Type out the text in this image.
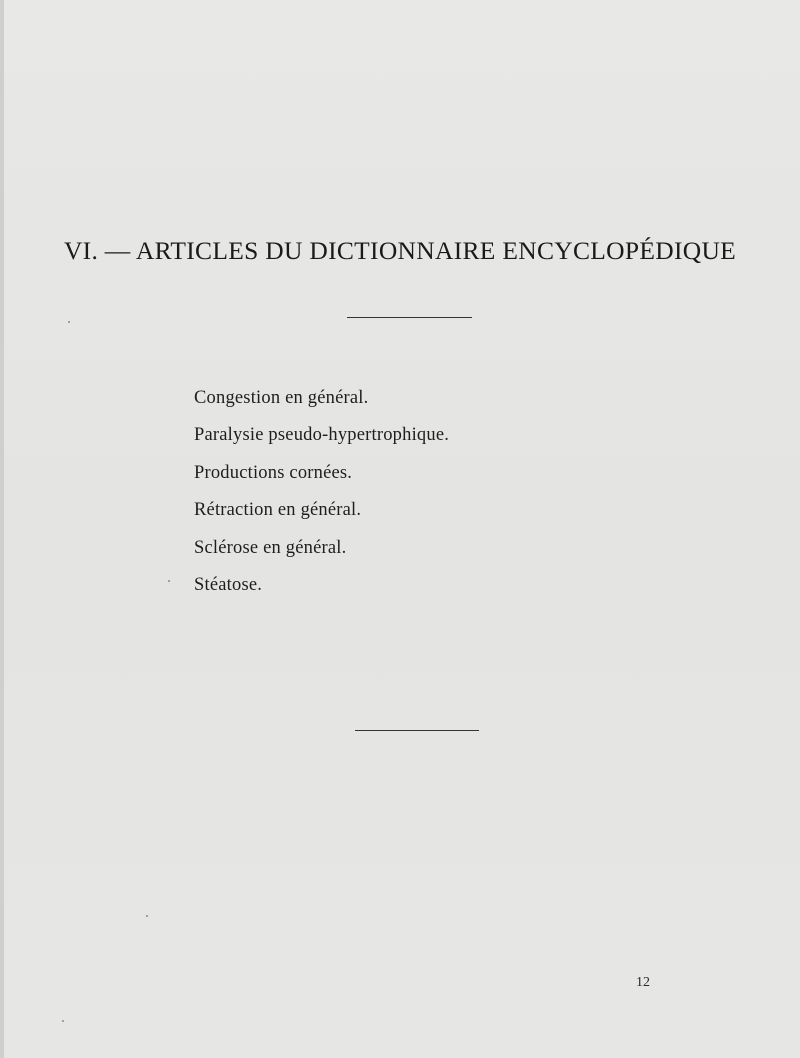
VI. — ARTICLES DU DICTIONNAIRE ENCYCLOPÉDIQUE
Congestion en général.
Paralysie pseudo-hypertrophique.
Productions cornées.
Rétraction en général.
Sclérose en général.
Stéatose.
12
